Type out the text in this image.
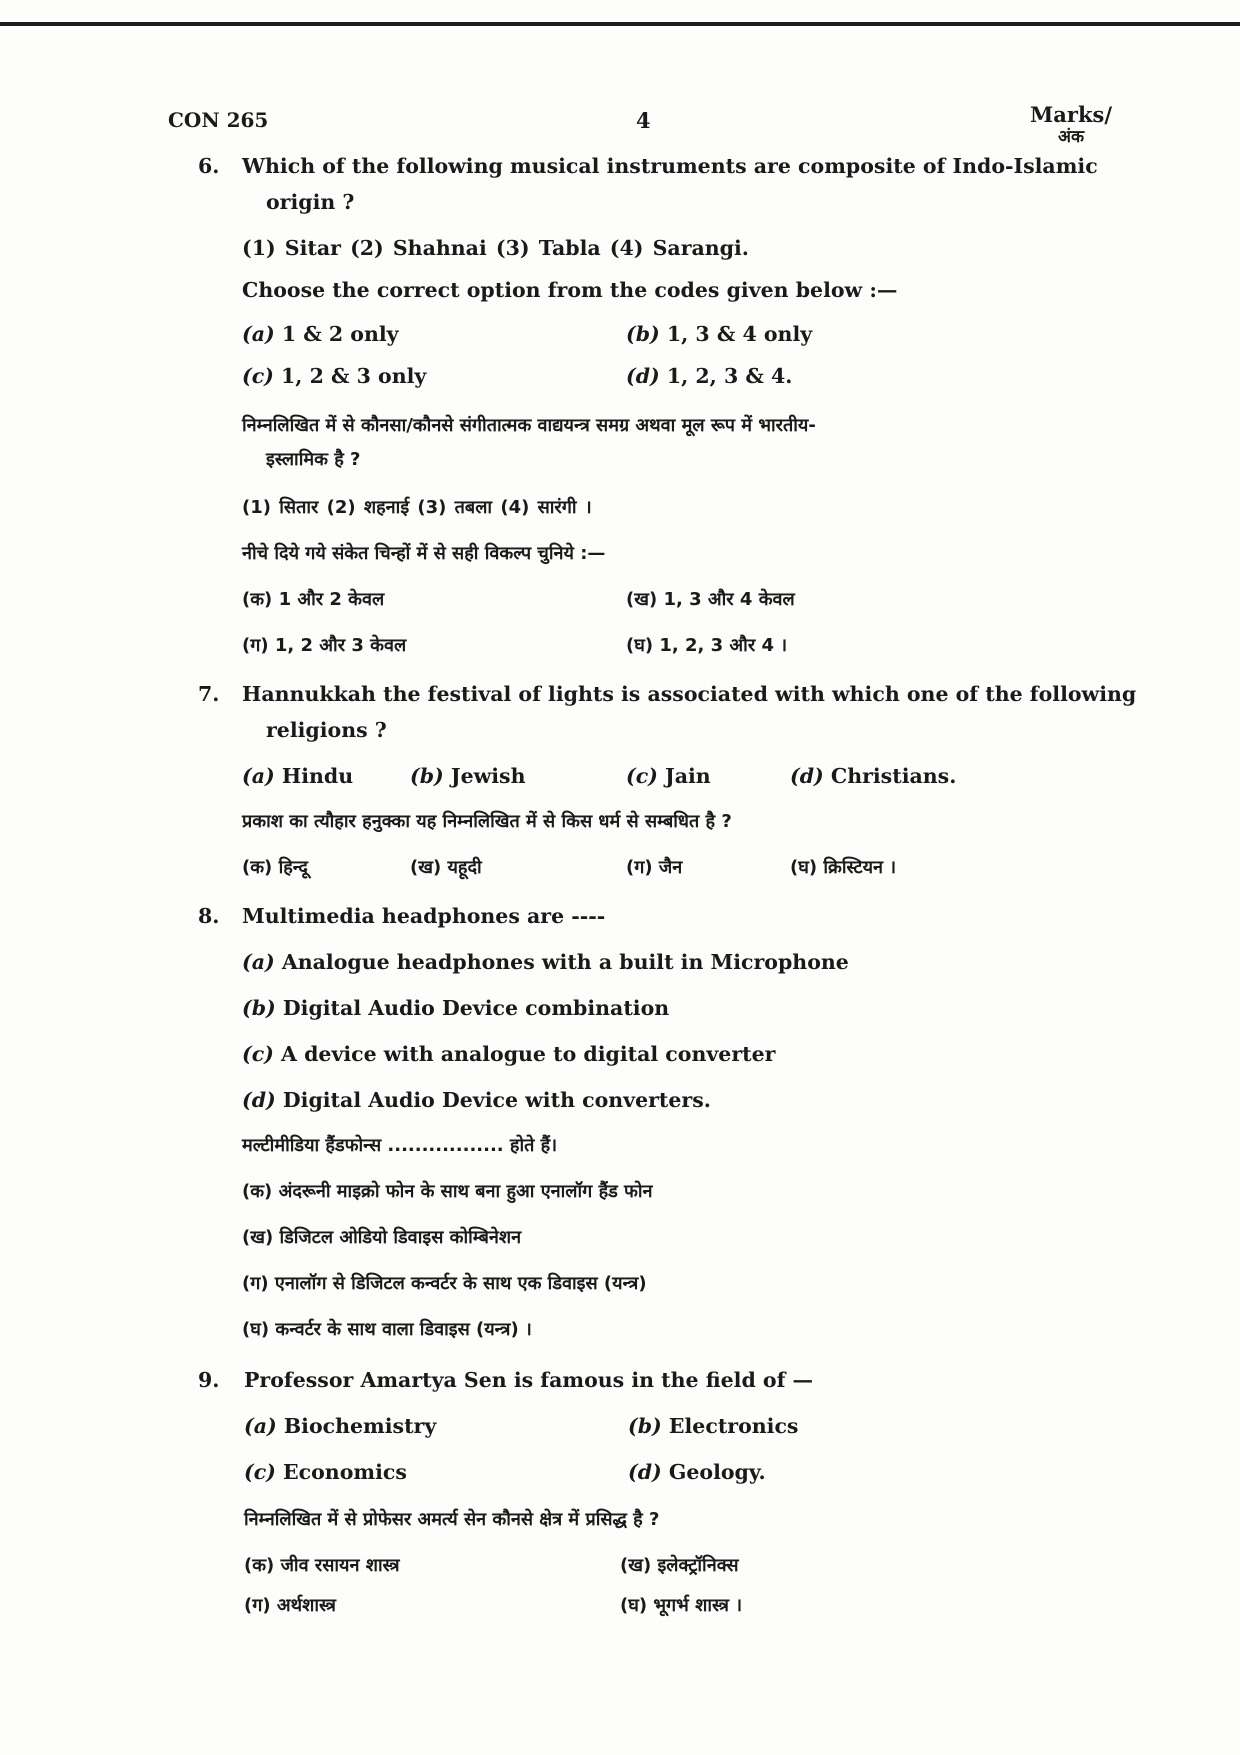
CON 265	4	Marks/
अंक
6. Which of the following musical instruments are composite of Indo-Islamic
origin ?
(1) Sitar (2) Shahnai (3) Tabla (4) Sarangi.
Choose the correct option from the codes given below :—
(a) 1 & 2 only	(b) 1, 3 & 4 only
(c) 1, 2 & 3 only	(d) 1, 2, 3 & 4.
निम्नलिखित में से कौनसा/कौनसे संगीतात्मक वाद्ययन्त्र समग्र अथवा मूल रूप में भारतीय-
इस्लामिक है ?
(1) सितार (2) शहनाई (3) तबला (4) सारंगी ।
नीचे दिये गये संकेत चिन्हों में से सही विकल्प चुनिये :—
(क) 1 और 2 केवल	(ख) 1, 3 और 4 केवल
(ग) 1, 2 और 3 केवल	(घ) 1, 2, 3 और 4 ।
7. Hannukkah the festival of lights is associated with which one of the following
religions ?
(a) Hindu	(b) Jewish	(c) Jain	(d) Christians.
प्रकाश का त्यौहार हनुक्का यह निम्नलिखित में से किस धर्म से सम्बधित है ?
(क) हिन्दू	(ख) यहूदी	(ग) जैन	(घ) क्रिस्टियन ।
8. Multimedia headphones are ----
(a) Analogue headphones with a built in Microphone
(b) Digital Audio Device combination
(c) A device with analogue to digital converter
(d) Digital Audio Device with converters.
मल्टीमीडिया हैंडफोन्स ................. होते हैं।
(क) अंदरूनी माइक्रो फोन के साथ बना हुआ एनालॉग हैंड फोन
(ख) डिजिटल ओडियो डिवाइस कोम्बिनेशन
(ग) एनालॉग से डिजिटल कन्वर्टर के साथ एक डिवाइस (यन्त्र)
(घ) कन्वर्टर के साथ वाला डिवाइस (यन्त्र) ।
9. Professor Amartya Sen is famous in the field of —
(a) Biochemistry	(b) Electronics
(c) Economics	(d) Geology.
निम्नलिखित में से प्रोफेसर अमर्त्य सेन कौनसे क्षेत्र में प्रसिद्ध है ?
(क) जीव रसायन शास्त्र	(ख) इलेक्ट्रॉनिक्स
(ग) अर्थशास्त्र	(घ) भूगर्भ शास्त्र ।
